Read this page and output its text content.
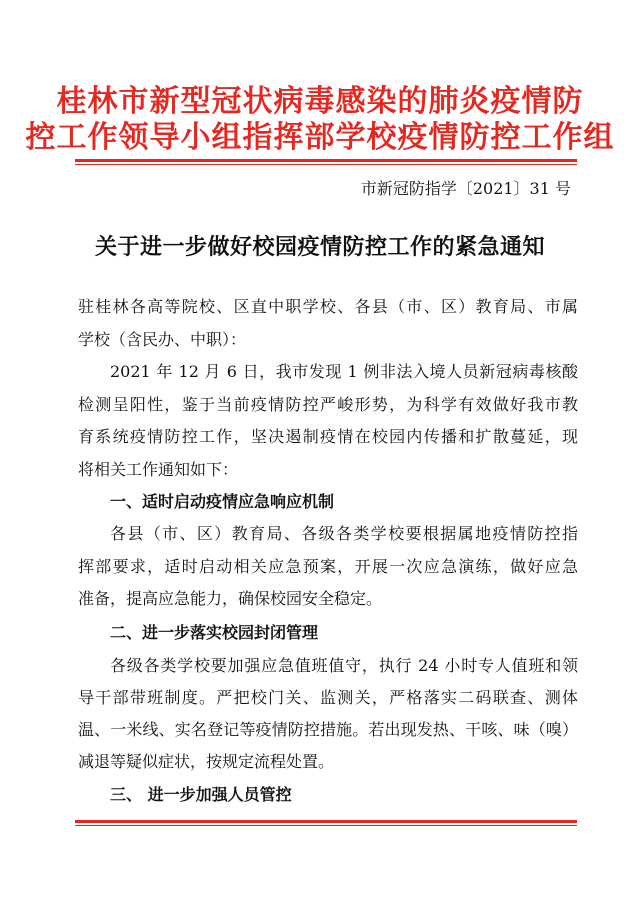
桂林市新型冠状病毒感染的肺炎疫情防
控工作领导小组指挥部学校疫情防控工作组
市新冠防指学〔2021〕31 号
关于进一步做好校园疫情防控工作的紧急通知
驻桂林各高等院校、区直中职学校、各县（市、区）教育局、市属
学校（含民办、中职）：
2021 年 12 月 6 日，我市发现 1 例非法入境人员新冠病毒核酸
检测呈阳性，鉴于当前疫情防控严峻形势，为科学有效做好我市教
育系统疫情防控工作，坚决遏制疫情在校园内传播和扩散蔓延，现
将相关工作通知如下：
一、适时启动疫情应急响应机制
各县（市、区）教育局、各级各类学校要根据属地疫情防控指
挥部要求，适时启动相关应急预案，开展一次应急演练，做好应急
准备，提高应急能力，确保校园安全稳定。
二、进一步落实校园封闭管理
各级各类学校要加强应急值班值守，执行 24 小时专人值班和领
导干部带班制度。严把校门关、监测关，严格落实二码联查、测体
温、一米线、实名登记等疫情防控措施。若出现发热、干咳、味（嗅）
减退等疑似症状，按规定流程处置。
三、 进一步加强人员管控
